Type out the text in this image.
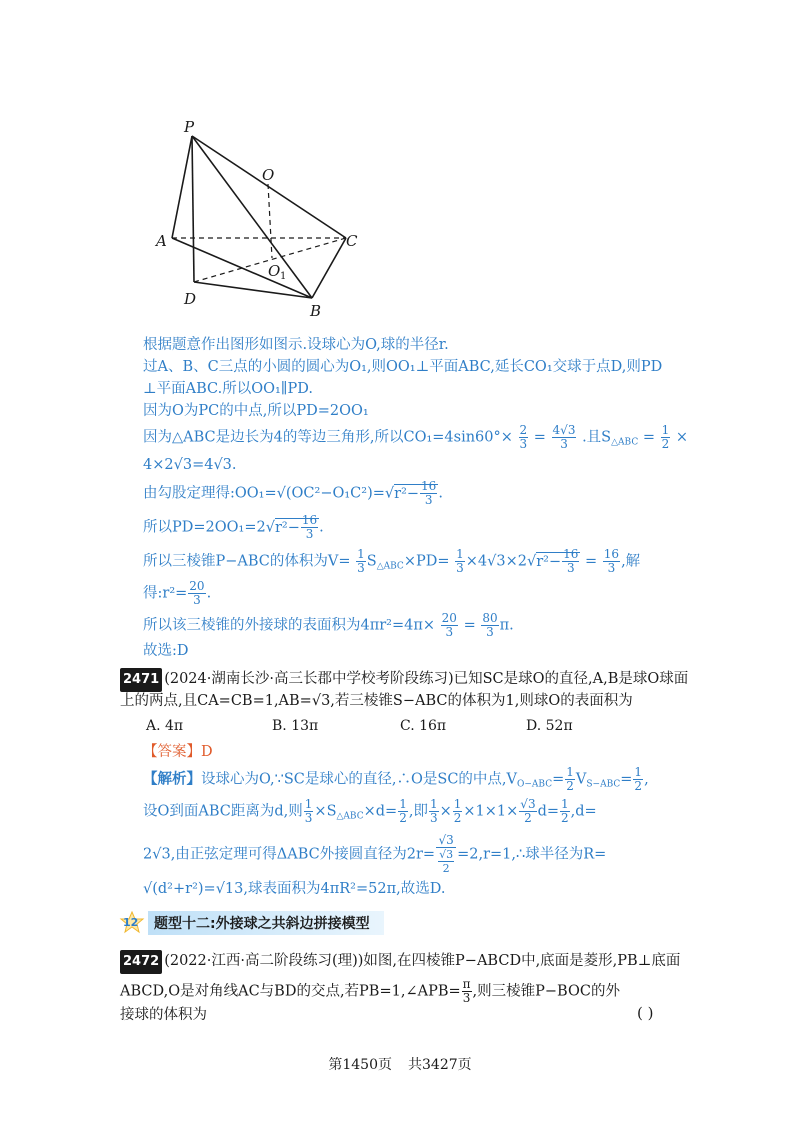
P
O
A	C
O 1
D
B
根据题意作出图形如图示.设球心为O,球的半径r.
过A、B、C三点的小圆的圆心为O₁,则OO₁⊥平面ABC,延长CO₁交球于点D,则PD
⊥平面ABC.所以OO₁∥PD.
因为O为PC的中点,所以PD=2OO₁
因为△ABC是边长为4的等边三角形,所以$CO_1=4\sin 60^\circ\times \frac{2}{3} = \frac{4√3}{3}$ .且$S_{\triangle ABC} = \frac{1}{2}$ ×
4×2√3=4√3.
由勾股定理得:OO₁=√(OC²−O₁C²)=√r²− $\frac{16}{3}$ .
所以$PD=2OO_1=2√r^2- \frac{16}{3}$ .
所以三棱锥P−ABC的体积为$V= \frac{1}{3} S_{\triangle ABC}\times PD= \frac{1}{3} \times 4√3\times 2√r^2- \frac{16}{3} = \frac{16}{3}$ ,解
得:r²= $\frac{20}{3}$ .
所以该三棱锥的外接球的表面积为$4\pi r^2=4\pi\times \frac{20}{3} = \frac{80}{3} \pi$.
故选:D
2471 (2024·湖南长沙·高三长郡中学校考阶段练习)已知SC是球O的直径,A,B是球O球面
上的两点,且CA=CB=1,AB=√3,若三棱锥S−ABC的体积为1,则球O的表面积为
A. 4π	B. 13π	C. 16π	D. 52π
【答案】D
【解析】设球心为O,∵SC是球心的直径,∴O是SC的中点$,V_{O-ABC}= \frac{1}{2} V_{S-ABC}= \frac{1}{2}$ ,
设O到面ABC距离为d,则 $\frac{1}{3} \times S_{\triangle ABC}\times d= \frac{1}{2}$ ,即 $\frac{1}{3} \times \frac{1}{2} \times 1\times 1\times \frac{√3}{2} d= \frac{1}{2} ,d=$
2√3,由正弦定理可得ΔABC外接圆直径为$2r= \frac{√3}{\frac{√3}{2}}$ =2,r=1,∴球半径为R=
√(d²+r²)=√13,球表面积为4πR²=52π,故选D.
12	题型十二:外接球之共斜边拼接模型
2472 (2022·江西·高二阶段练习(理))如图,在四棱锥P−ABCD中,底面是菱形,PB⊥底面
ABCD,O是对角线AC与BD的交点,若PB=1,∠APB= $\frac{\pi}{3}$ ,则三棱锥P−BOC的外
接球的体积为	( )
第1450页 共3427页
